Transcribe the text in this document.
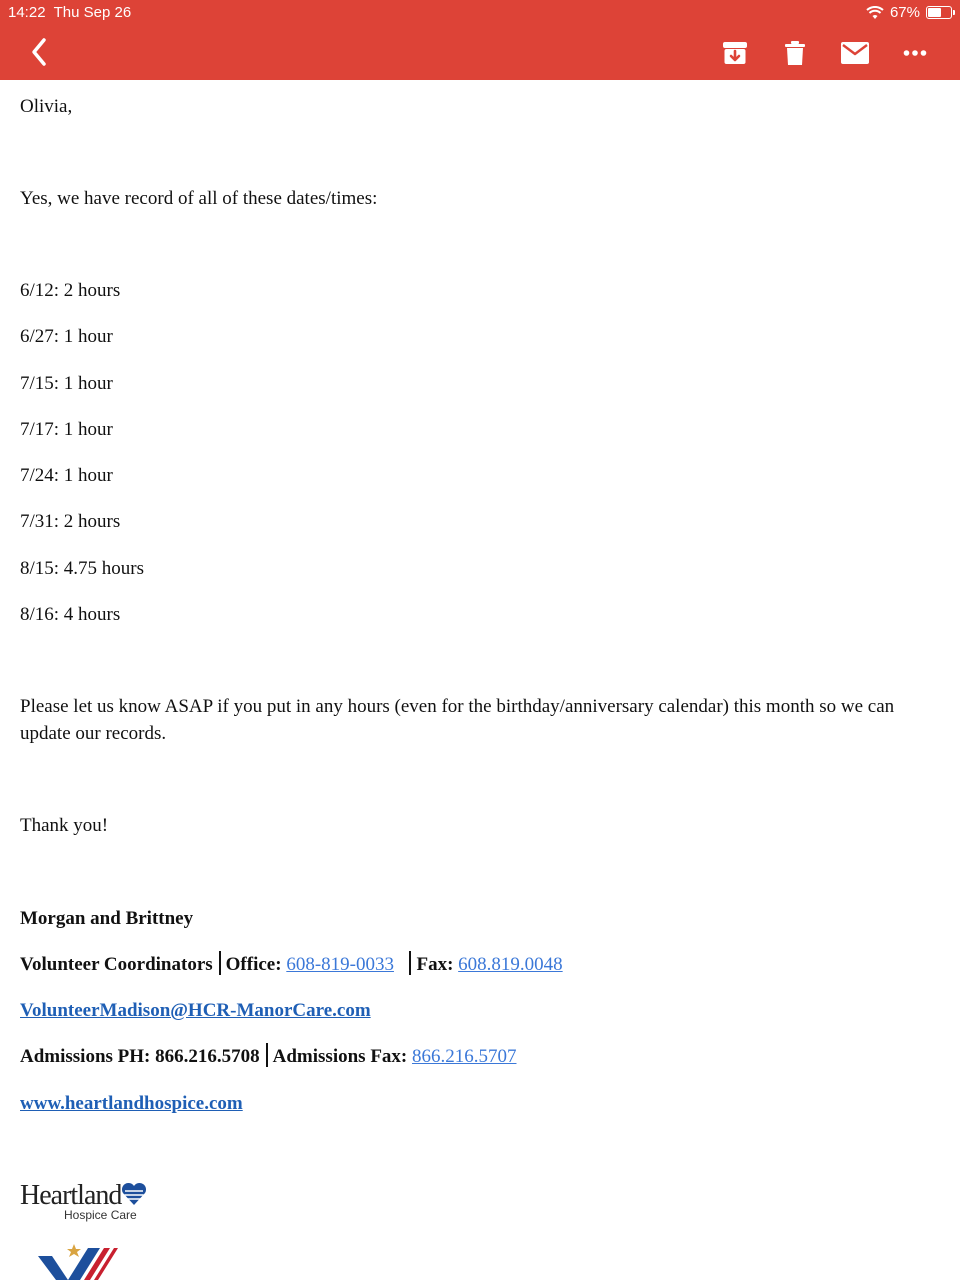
14:22 Thu Sep 26	67%
Olivia,
Yes, we have record of all of these dates/times:
6/12: 2 hours
6/27: 1 hour
7/15: 1 hour
7/17: 1 hour
7/24: 1 hour
7/31: 2 hours
8/15: 4.75 hours
8/16: 4 hours
Please let us know ASAP if you put in any hours (even for the birthday/anniversary calendar) this month so we can update our records.
Thank you!
Morgan and Brittney
Volunteer Coordinators Office: 608-819-0033 Fax: 608.819.0048
VolunteerMadison@HCR-ManorCare.com
Admissions PH: 866.216.5708 Admissions Fax: 866.216.5707
www.heartlandhospice.com
Heartland
Hospice Care
